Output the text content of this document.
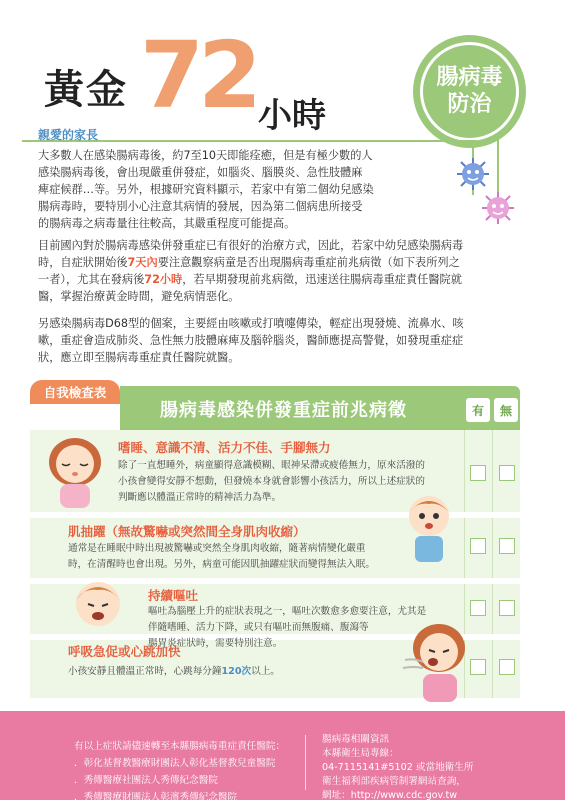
黃金 72 小時
腸病毒
防治
親愛的家長
大多數人在感染腸病毒後，約7至10天即能痊癒，但是有極少數的人
感染腸病毒後，會出現嚴重併發症，如腦炎、腦膜炎、急性肢體麻
痺症候群…等。另外，根據研究資料顯示，若家中有第二個幼兒感染
腸病毒時，要特別小心注意其病情的發展，因為第二個病患所接受
的腸病毒之病毒量往往較高，其嚴重程度可能提高。
目前國內對於腸病毒感染併發重症已有很好的治療方式，因此，若家中幼兒感染腸病毒
時，自症狀開始後7天內要注意觀察病童是否出現腸病毒重症前兆病徵（如下表所列之
一者），尤其在發病後72小時，若早期發現前兆病徵，迅速送往腸病毒重症責任醫院就
醫，掌握治療黃金時間，避免病情惡化。
另感染腸病毒D68型的個案，主要經由咳嗽或打噴嚏傳染，輕症出現發燒、流鼻水、咳
嗽，重症會造成肺炎、急性無力肢體麻痺及腦幹腦炎，醫師應提高警覺，如發現重症症
狀，應立即至腸病毒重症責任醫院就醫。
自我檢查表
腸病毒感染併發重症前兆病徵	有	無
嗜睡、意識不清、活力不佳、手腳無力
除了一直想睡外，病童顯得意識模糊、眼神呆滯或疲倦無力，原來活潑的
小孩會變得安靜不想動，但發燒本身就會影響小孩活力，所以上述症狀的
判斷應以體溫正常時的精神活力為準。
肌抽躍（無故驚嚇或突然間全身肌肉收縮）
通常是在睡眠中時出現被驚嚇或突然全身肌肉收縮，隨著病情變化嚴重
時，在清醒時也會出現。另外，病童可能因肌抽躍症狀而變得無法入眠。
持續嘔吐
嘔吐為腦壓上升的症狀表現之一，嘔吐次數愈多愈要注意，尤其是
伴隨嗜睡、活力下降，或只有嘔吐而無腹痛、腹瀉等
腸胃炎症狀時，需要特別注意。
呼吸急促或心跳加快
小孩安靜且體溫正常時，心跳每分鐘120次以上。
有以上症狀請儘速轉至本縣腸病毒重症責任醫院：
．彰化基督教醫療財團法人彰化基督教兒童醫院
．秀傳醫療社團法人秀傳紀念醫院
．秀傳醫療財團法人彰濱秀傳紀念醫院
腸病毒相關資訊
本縣衛生局專線：
04-7115141#5102 或當地衛生所
衛生福利部疾病管制署網站查詢，
網址：http://www.cdc.gov.tw
